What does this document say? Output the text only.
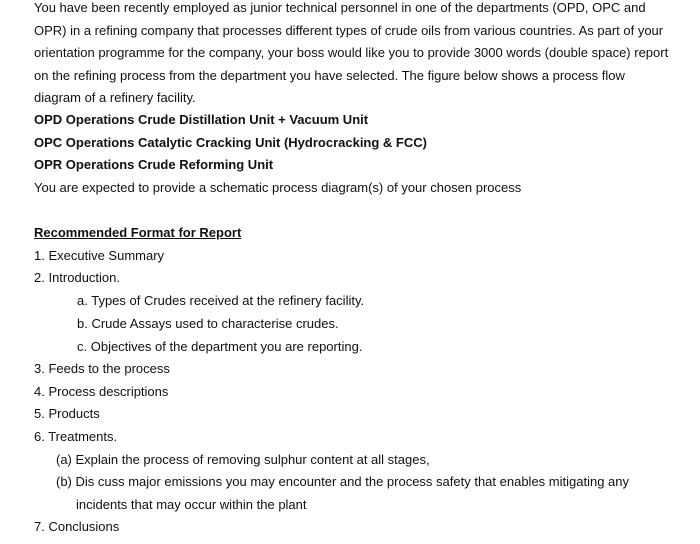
You have been recently employed as junior technical personnel in one of the departments (OPD, OPC and
OPR) in a refining company that processes different types of crude oils from various countries. As part of your
orientation programme for the company, your boss would like you to provide 3000 words (double space) report
on the refining process from the department you have selected. The figure below shows a process flow
diagram of a refinery facility.
OPD Operations Crude Distillation Unit + Vacuum Unit
OPC Operations Catalytic Cracking Unit (Hydrocracking & FCC)
OPR Operations Crude Reforming Unit
You are expected to provide a schematic process diagram(s) of your chosen process
Recommended Format for Report
1. Executive Summary
2. Introduction.
a. Types of Crudes received at the refinery facility.
b. Crude Assays used to characterise crudes.
c. Objectives of the department you are reporting.
3. Feeds to the process
4. Process descriptions
5. Products
6. Treatments.
(a) Explain the process of removing sulphur content at all stages,
(b) Dis cuss major emissions you may encounter and the process safety that enables mitigating any
incidents that may occur within the plant
7. Conclusions
